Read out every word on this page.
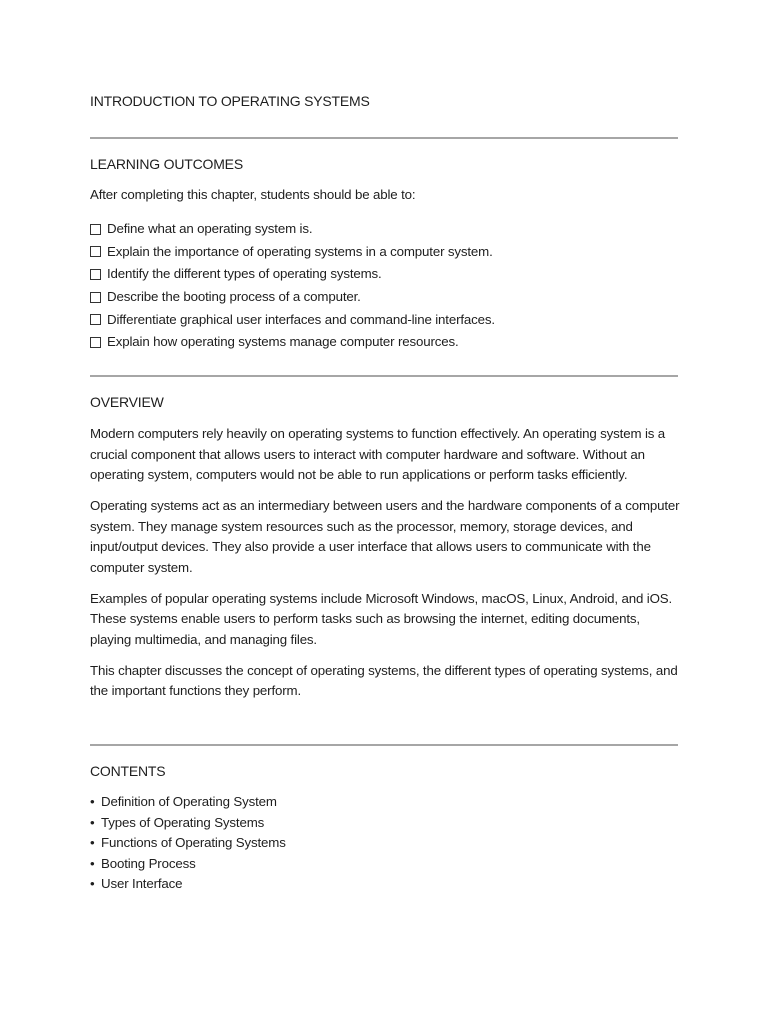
INTRODUCTION TO OPERATING SYSTEMS
LEARNING OUTCOMES
After completing this chapter, students should be able to:
Define what an operating system is.
Explain the importance of operating systems in a computer system.
Identify the different types of operating systems.
Describe the booting process of a computer.
Differentiate graphical user interfaces and command-line interfaces.
Explain how operating systems manage computer resources.
OVERVIEW

Modern computers rely heavily on operating systems to function effectively. An operating system is a crucial component that allows users to interact with computer hardware and software. Without an operating system, computers would not be able to run applications or perform tasks efficiently.

Operating systems act as an intermediary between users and the hardware components of a computer system. They manage system resources such as the processor, memory, storage devices, and input/output devices. They also provide a user interface that allows users to communicate with the computer system.

Examples of popular operating systems include Microsoft Windows, macOS, Linux, Android, and iOS. These systems enable users to perform tasks such as browsing the internet, editing documents, playing multimedia, and managing files.

This chapter discusses the concept of operating systems, the different types of operating systems, and the important functions they perform.

CONTENTS
• Definition of Operating System
• Types of Operating Systems
• Functions of Operating Systems
• Booting Process
• User Interface
